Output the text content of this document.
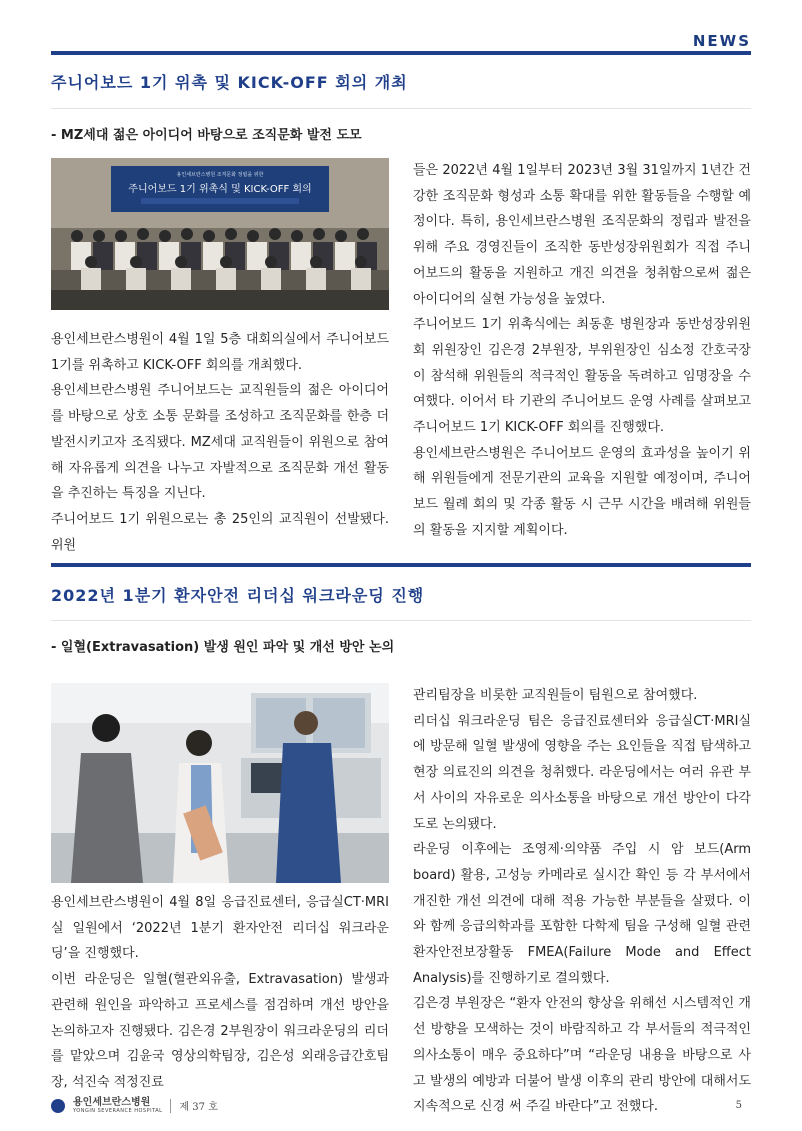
NEWS
주니어보드 1기 위촉 및 KICK-OFF 회의 개최
- MZ세대 젊은 아이디어 바탕으로 조직문화 발전 도모
용인세브란스병원 조직문화 정립을 위한
주니어보드 1기 위촉식 및 KICK-OFF 회의

용인세브란스병원이 4월 1일 5층 대회의실에서 주니어보드 1기를 위촉하고 KICK-OFF 회의를 개최했다.

용인세브란스병원 주니어보드는 교직원들의 젊은 아이디어를 바탕으로 상호 소통 문화를 조성하고 조직문화를 한층 더 발전시키고자 조직됐다. MZ세대 교직원들이 위원으로 참여해 자유롭게 의견을 나누고 자발적으로 조직문화 개선 활동을 추진하는 특징을 지닌다.

주니어보드 1기 위원으로는 총 25인의 교직원이 선발됐다. 위원

들은 2022년 4월 1일부터 2023년 3월 31일까지 1년간 건강한 조직문화 형성과 소통 확대를 위한 활동들을 수행할 예정이다. 특히, 용인세브란스병원 조직문화의 정립과 발전을 위해 주요 경영진들이 조직한 동반성장위원회가 직접 주니어보드의 활동을 지원하고 개진 의견을 청취함으로써 젊은 아이디어의 실현 가능성을 높였다.

주니어보드 1기 위촉식에는 최동훈 병원장과 동반성장위원회 위원장인 김은경 2부원장, 부위원장인 심소정 간호국장이 참석해 위원들의 적극적인 활동을 독려하고 임명장을 수여했다. 이어서 타 기관의 주니어보드 운영 사례를 살펴보고 주니어보드 1기 KICK-OFF 회의를 진행했다.

용인세브란스병원은 주니어보드 운영의 효과성을 높이기 위해 위원들에게 전문기관의 교육을 지원할 예정이며, 주니어보드 월례 회의 및 각종 활동 시 근무 시간을 배려해 위원들의 활동을 지지할 계획이다.

2022년 1분기 환자안전 리더십 워크라운딩 진행
- 일혈(Extravasation) 발생 원인 파악 및 개선 방안 논의

용인세브란스병원이 4월 8일 응급진료센터, 응급실CT·MRI실 일원에서 ‘2022년 1분기 환자안전 리더십 워크라운딩’을 진행했다.

이번 라운딩은 일혈(혈관외유출, Extravasation) 발생과 관련해 원인을 파악하고 프로세스를 점검하며 개선 방안을 논의하고자 진행됐다. 김은경 2부원장이 워크라운딩의 리더를 맡았으며 김윤국 영상의학팀장, 김은성 외래응급간호팀장, 석진숙 적정진료

관리팀장을 비롯한 교직원들이 팀원으로 참여했다.

리더십 워크라운딩 팀은 응급진료센터와 응급실CT·MRI실에 방문해 일혈 발생에 영향을 주는 요인들을 직접 탐색하고 현장 의료진의 의견을 청취했다. 라운딩에서는 여러 유관 부서 사이의 자유로운 의사소통을 바탕으로 개선 방안이 다각도로 논의됐다.

라운딩 이후에는 조영제·의약품 주입 시 암 보드(Arm board) 활용, 고성능 카메라로 실시간 확인 등 각 부서에서 개진한 개선 의견에 대해 적용 가능한 부분들을 살폈다. 이와 함께 응급의학과를 포함한 다학제 팀을 구성해 일혈 관련 환자안전보장활동 FMEA(Failure Mode and Effect Analysis)를 진행하기로 결의했다.

김은경 부원장은 “환자 안전의 향상을 위해선 시스템적인 개선 방향을 모색하는 것이 바람직하고 각 부서들의 적극적인 의사소통이 매우 중요하다”며 “라운딩 내용을 바탕으로 사고 발생의 예방과 더불어 발생 이후의 관리 방안에 대해서도 지속적으로 신경 써 주길 바란다”고 전했다.

용인세브란스병원
YONGIN SEVERANCE HOSPITAL 제 37 호	5
